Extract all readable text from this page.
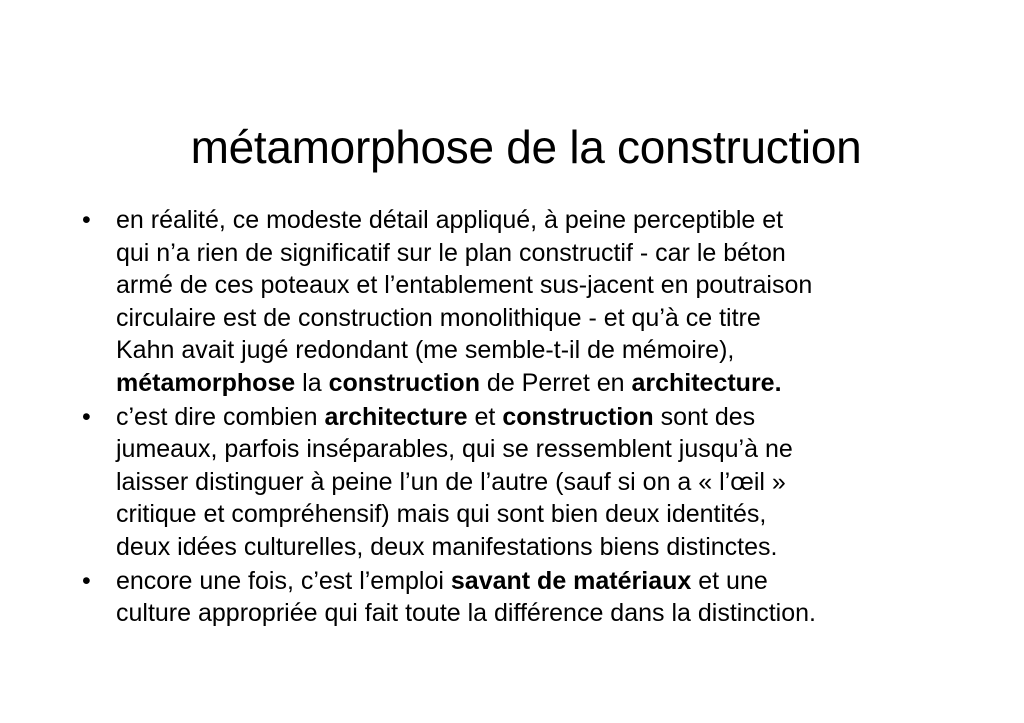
métamorphose de la construction
• en réalité, ce modeste détail appliqué, à peine perceptible et
qui n’a rien de significatif sur le plan constructif - car le béton
armé de ces poteaux et l’entablement sus-jacent en poutraison
circulaire est de construction monolithique - et qu’à ce titre
Kahn avait jugé redondant (me semble-t-il de mémoire),
métamorphose la construction de Perret en architecture.
• c’est dire combien architecture et construction sont des
jumeaux, parfois inséparables, qui se ressemblent jusqu’à ne
laisser distinguer à peine l’un de l’autre (sauf si on a « l’œil »
critique et compréhensif) mais qui sont bien deux identités,
deux idées culturelles, deux manifestations biens distinctes.
• encore une fois, c’est l’emploi savant de matériaux et une
culture appropriée qui fait toute la différence dans la distinction.
